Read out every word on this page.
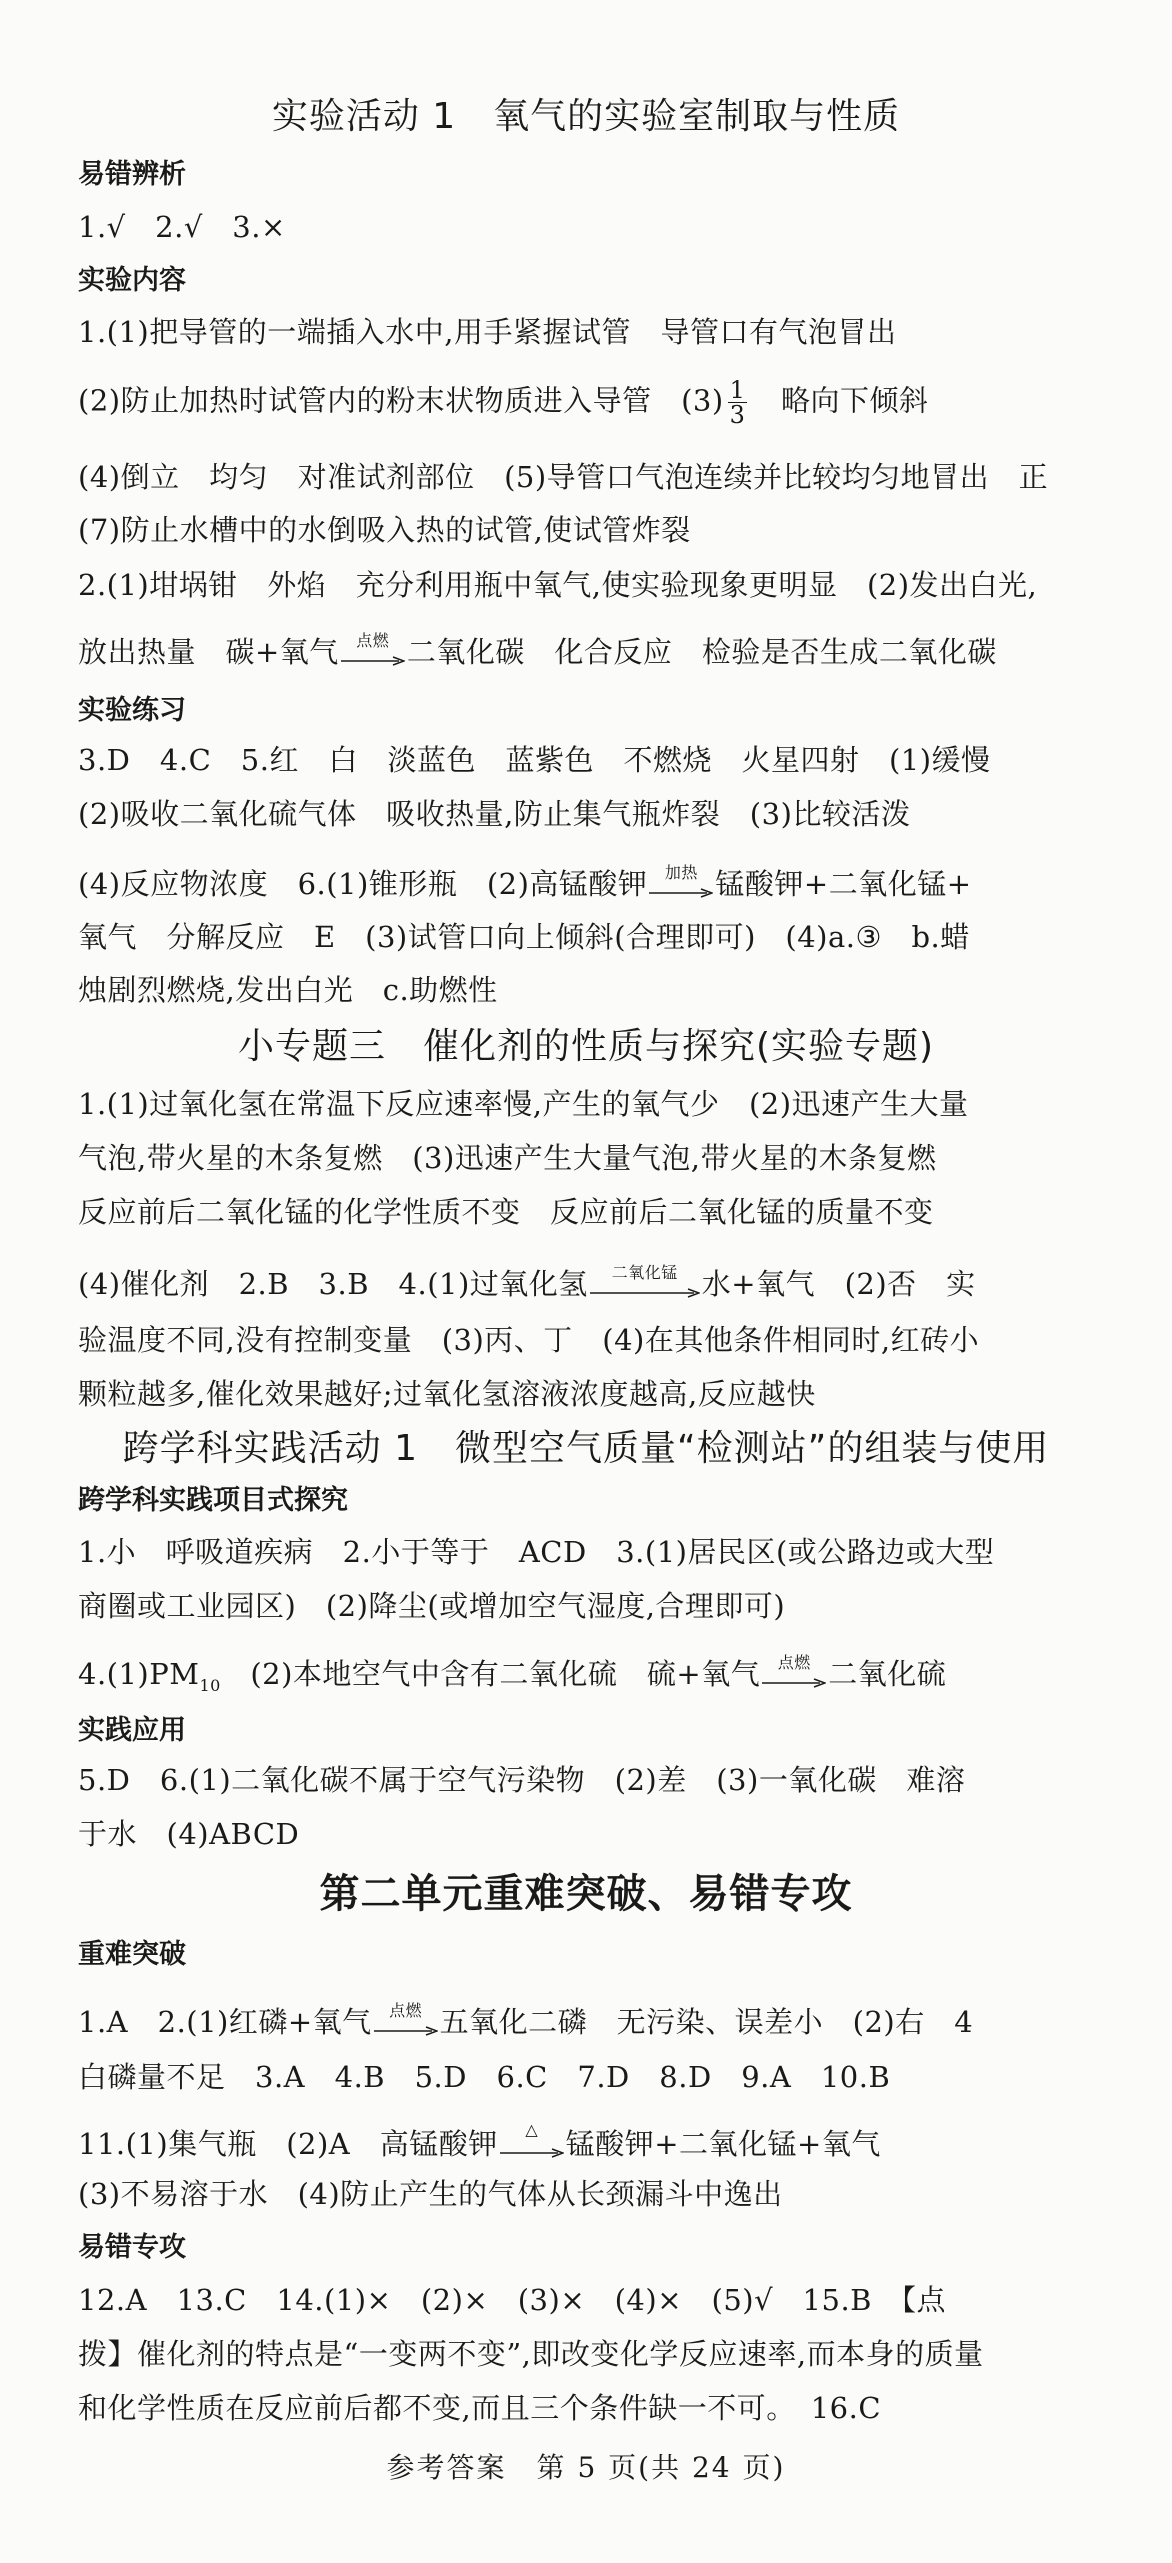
实验活动 1　氧气的实验室制取与性质
易错辨析
1.√　2.√　3.×
实验内容
1.(1)把导管的一端插入水中,用手紧握试管　导管口有气泡冒出
(2)防止加热时试管内的粉末状物质进入导管　$(3) \frac{1}{3}$ 　略向下倾斜
(4)倒立　均匀　对准试剂部位　(5)导管口气泡连续并比较均匀地冒出　正
(7)防止水槽中的水倒吸入热的试管,使试管炸裂
2.(1)坩埚钳　外焰　充分利用瓶中氧气,使实验现象更明显　(2)发出白光,
放出热量　碳+氧气	点燃 二氧化碳　化合反应　检验是否生成二氧化碳
实验练习
3.D　4.C　5.红　白　淡蓝色　蓝紫色　不燃烧　火星四射　(1)缓慢
(2)吸收二氧化硫气体　吸收热量,防止集气瓶炸裂　(3)比较活泼
(4)反应物浓度　6.(1)锥形瓶　(2)高锰酸钾	加热 锰酸钾+二氧化锰+
氧气　分解反应　E　(3)试管口向上倾斜(合理即可)　(4)a.③　b.蜡
烛剧烈燃烧,发出白光　c.助燃性
小专题三　催化剂的性质与探究(实验专题)
1.(1)过氧化氢在常温下反应速率慢,产生的氧气少　(2)迅速产生大量
气泡,带火星的木条复燃　(3)迅速产生大量气泡,带火星的木条复燃
反应前后二氧化锰的化学性质不变　反应前后二氧化锰的质量不变
(4)催化剂　2.B　3.B　4.(1)过氧化氢	二氧化锰 水+氧气　(2)否　实
验温度不同,没有控制变量　(3)丙、丁　(4)在其他条件相同时,红砖小
颗粒越多,催化效果越好;过氧化氢溶液浓度越高,反应越快
跨学科实践活动 1　微型空气质量“检测站”的组装与使用
跨学科实践项目式探究
1.小　呼吸道疾病　2.小于等于　ACD　3.(1)居民区(或公路边或大型
商圈或工业园区)　(2)降尘(或增加空气湿度,合理即可)
$4.(1)PM_{10}$　(2)本地空气中含有二氧化硫　硫+氧气	点燃 二氧化硫
实践应用
5.D　6.(1)二氧化碳不属于空气污染物　(2)差　(3)一氧化碳　难溶
于水　(4)ABCD
第二单元重难突破、易错专攻
重难突破
1.A　2.(1)红磷+氧气	点燃 五氧化二磷　无污染、误差小　(2)右　4
白磷量不足　3.A　4.B　5.D　6.C　7.D　8.D　9.A　10.B
11.(1)集气瓶　(2)A　高锰酸钾	△ 锰酸钾+二氧化锰+氧气
(3)不易溶于水　(4)防止产生的气体从长颈漏斗中逸出
易错专攻
12.A　13.C　14.(1)×　(2)×　(3)×　(4)×　(5)√　15.B　【点
拨】催化剂的特点是“一变两不变”,即改变化学反应速率,而本身的质量
和化学性质在反应前后都不变,而且三个条件缺一不可。　16.C
参考答案　第 5 页(共 24 页)
